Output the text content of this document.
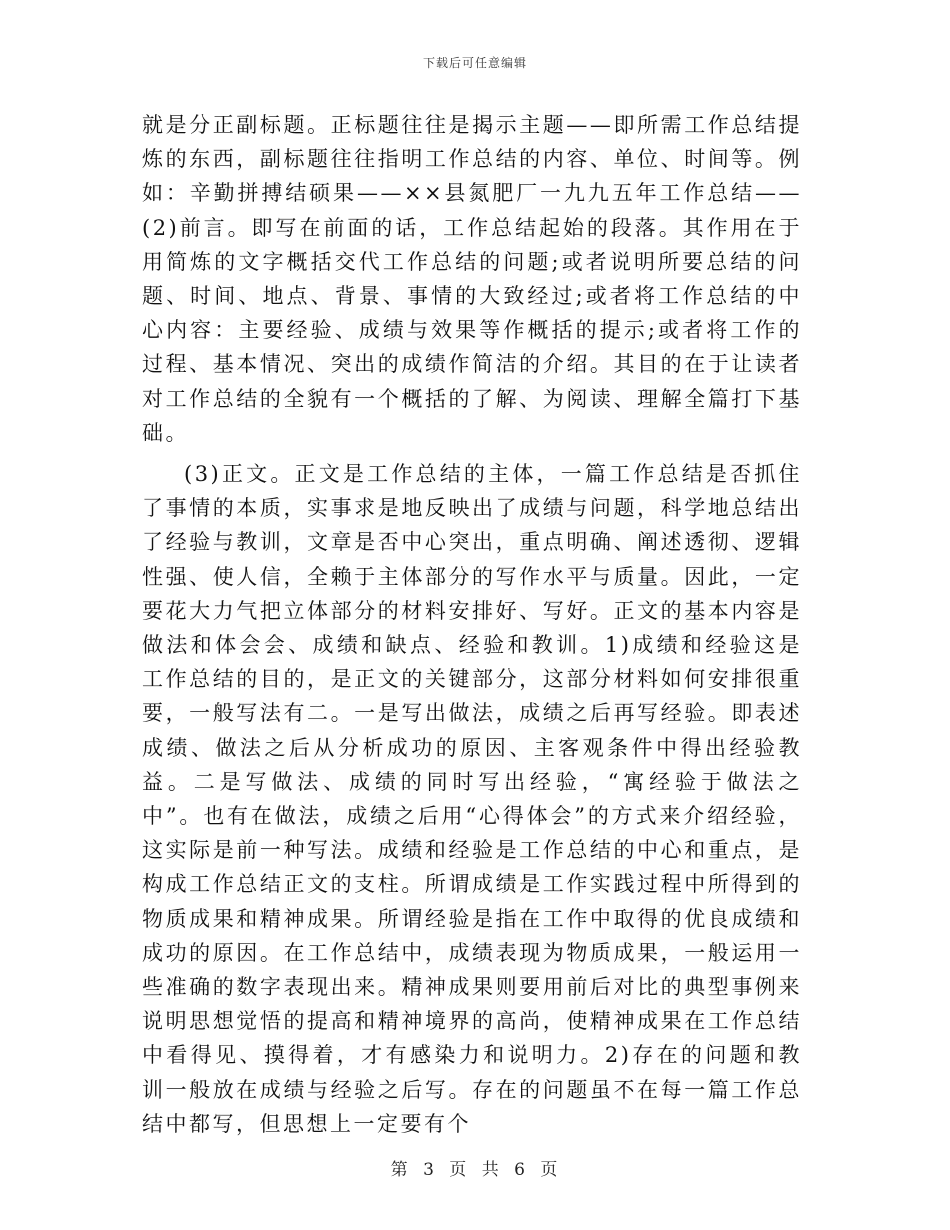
下载后可任意编辑

就是分正副标题。正标题往往是揭示主题——即所需工作总结提炼的东西，副标题往往指明工作总结的内容、单位、时间等。例如：辛勤拼搏结硕果——××县氮肥厂一九九五年工作总结——(2)前言。即写在前面的话，工作总结起始的段落。其作用在于用简炼的文字概括交代工作总结的问题;或者说明所要总结的问题、时间、地点、背景、事情的大致经过;或者将工作总结的中心内容：主要经验、成绩与效果等作概括的提示;或者将工作的过程、基本情况、突出的成绩作简洁的介绍。其目的在于让读者对工作总结的全貌有一个概括的了解、为阅读、理解全篇打下基础。

(3)正文。正文是工作总结的主体，一篇工作总结是否抓住了事情的本质，实事求是地反映出了成绩与问题，科学地总结出了经验与教训，文章是否中心突出，重点明确、阐述透彻、逻辑性强、使人信，全赖于主体部分的写作水平与质量。因此，一定要花大力气把立体部分的材料安排好、写好。正文的基本内容是做法和体会会、成绩和缺点、经验和教训。1)成绩和经验这是工作总结的目的，是正文的关键部分，这部分材料如何安排很重要，一般写法有二。一是写出做法，成绩之后再写经验。即表述成绩、做法之后从分析成功的原因、主客观条件中得出经验教益。二是写做法、成绩的同时写出经验，“寓经验于做法之中”。也有在做法，成绩之后用“心得体会”的方式来介绍经验，这实际是前一种写法。成绩和经验是工作总结的中心和重点，是构成工作总结正文的支柱。所谓成绩是工作实践过程中所得到的物质成果和精神成果。所谓经验是指在工作中取得的优良成绩和成功的原因。在工作总结中，成绩表现为物质成果，一般运用一些准确的数字表现出来。精神成果则要用前后对比的典型事例来说明思想觉悟的提高和精神境界的高尚，使精神成果在工作总结中看得见、摸得着，才有感染力和说明力。2)存在的问题和教训一般放在成绩与经验之后写。存在的问题虽不在每一篇工作总结中都写，但思想上一定要有个

第 3 页 共 6 页
